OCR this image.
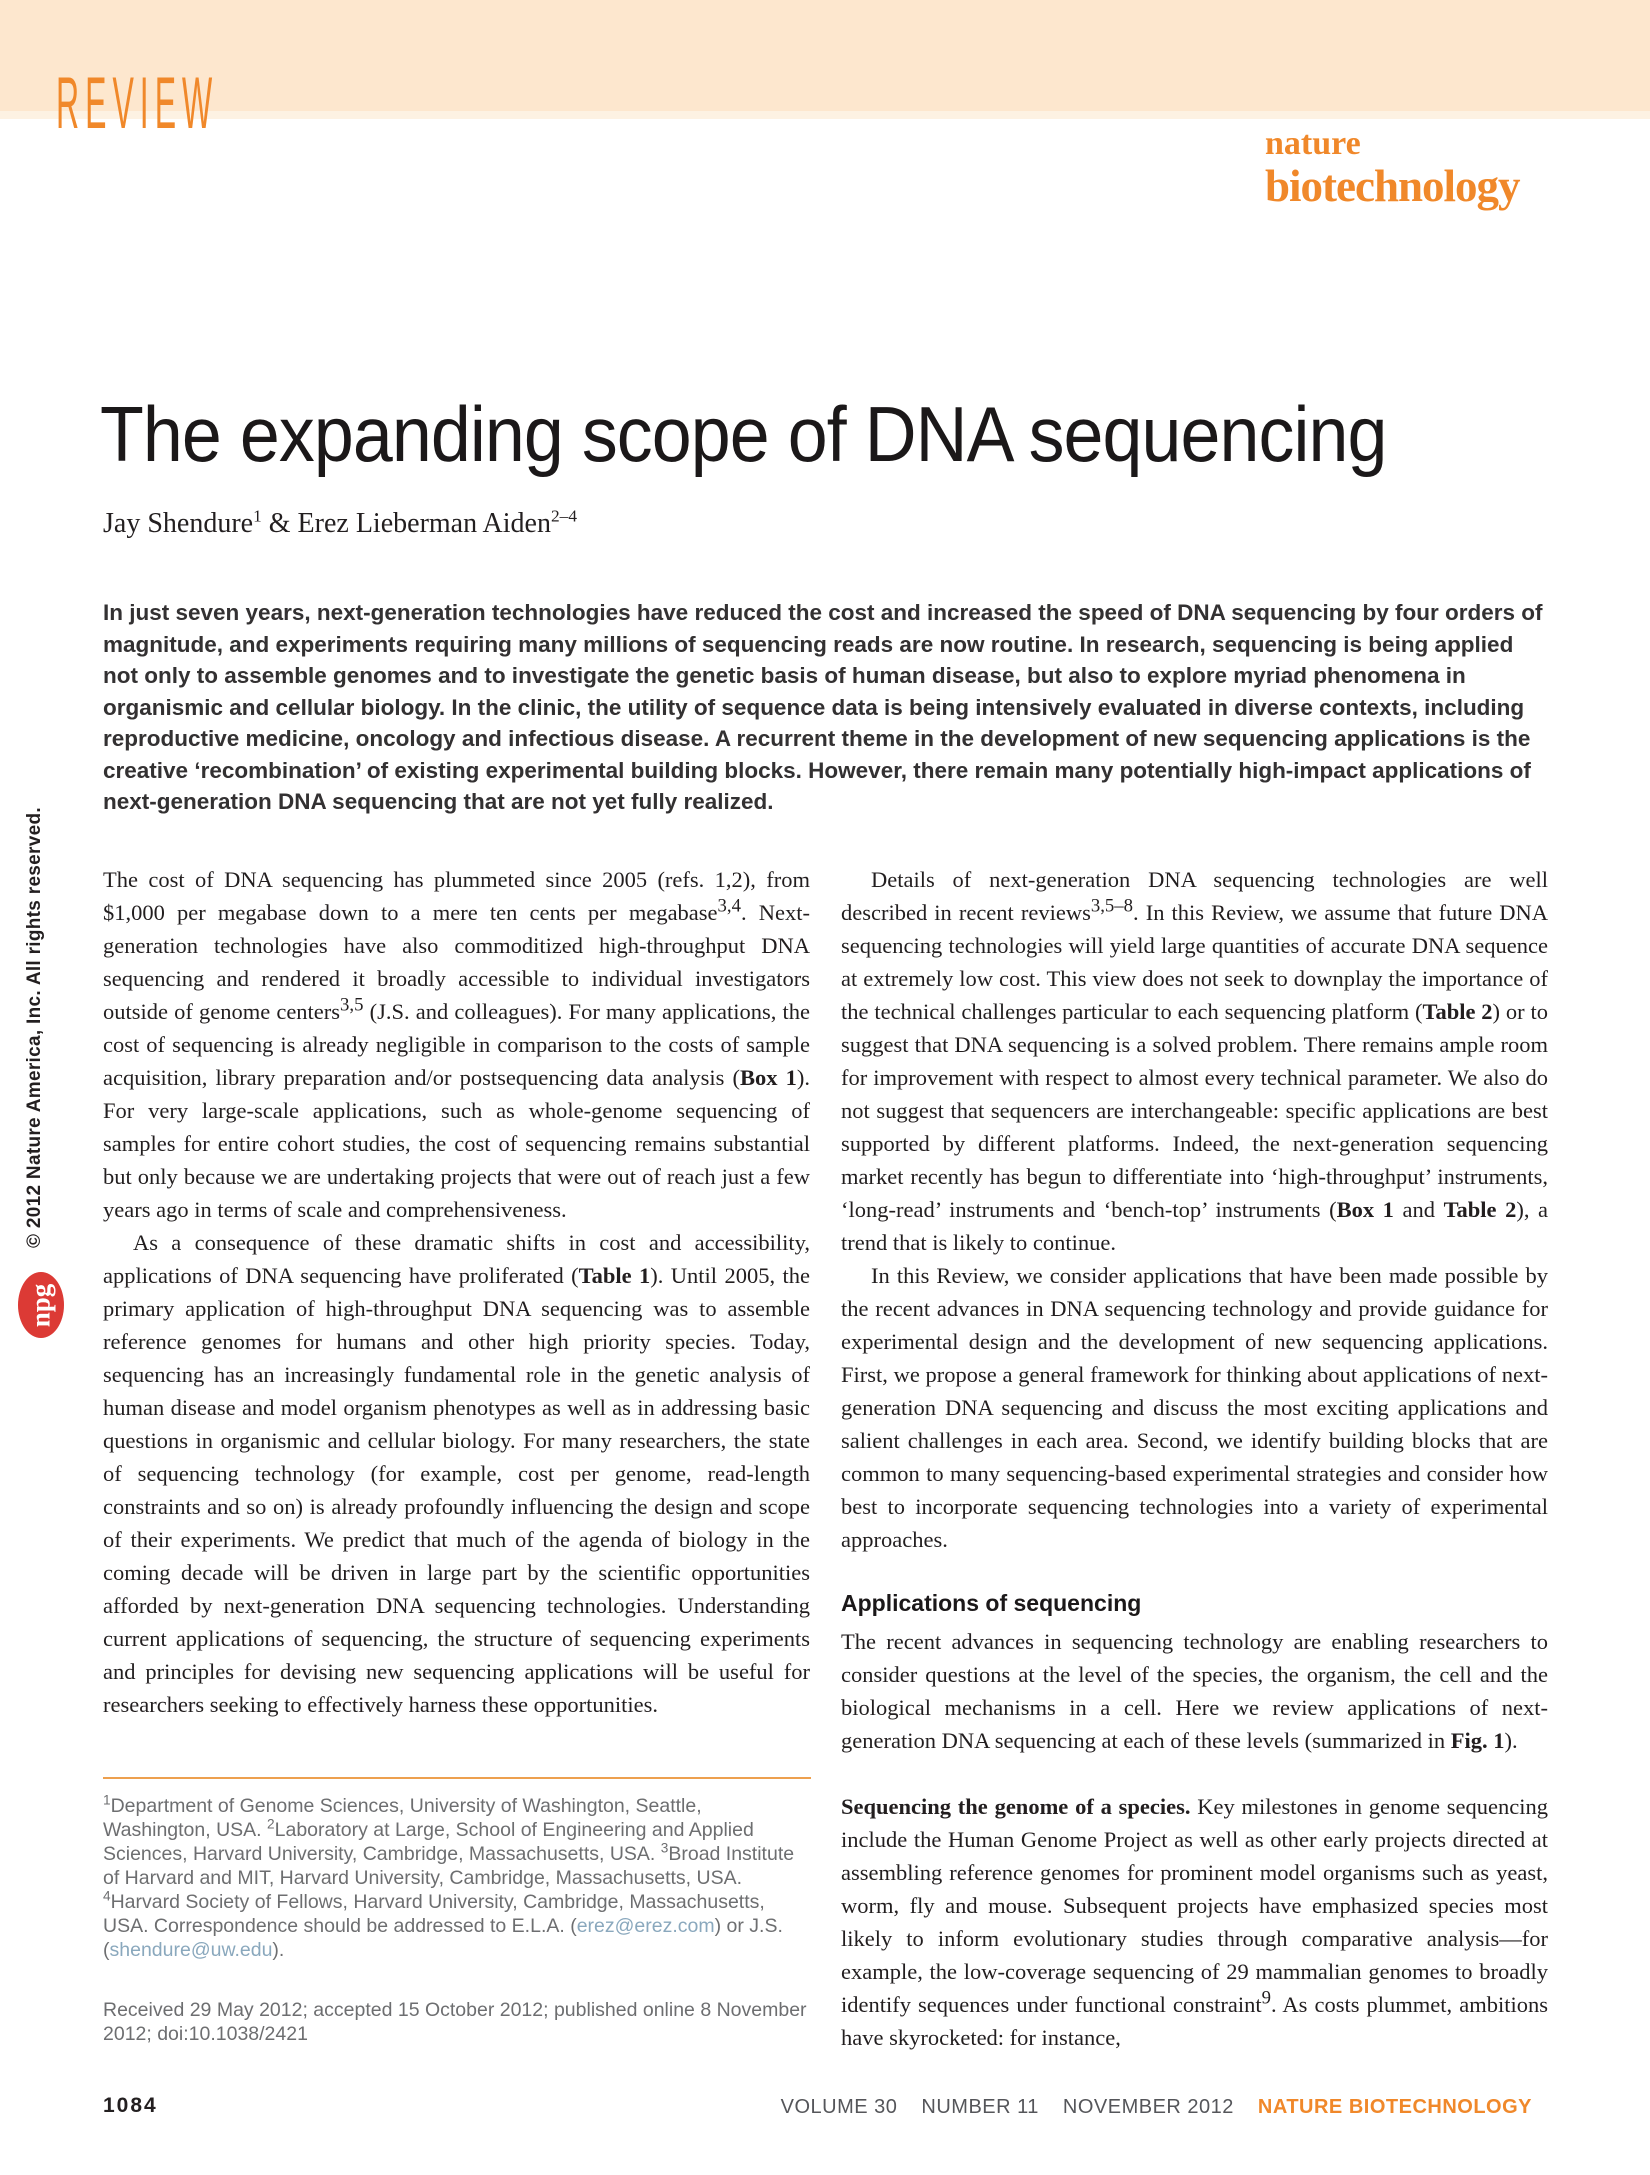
REVIEW	nature
biotechnology
The expanding scope of DNA sequencing
Jay Shendure$^1$ & Erez Lieberman Aiden$^{2-4}$
In just seven years, next-generation technologies have reduced the cost and increased the speed of DNA sequencing by four orders of magnitude, and experiments requiring many millions of sequencing reads are now routine. In research, sequencing is being applied not only to assemble genomes and to investigate the genetic basis of human disease, but also to explore myriad phenomena in organismic and cellular biology. In the clinic, the utility of sequence data is being intensively evaluated in diverse contexts, including reproductive medicine, oncology and infectious disease. A recurrent theme in the development of new sequencing applications is the creative ‘recombination’ of existing experimental building blocks. However, there remain many potentially high-impact applications of next-generation DNA sequencing that are not yet fully realized.

The cost of DNA sequencing has plummeted since 2005 (refs. 1,2), from $1,000 per megabase down to a mere ten cents per megabase$^{3,4}$. Next-generation technologies have also commoditized high-throughput DNA sequencing and rendered it broadly accessible to individual investigators outside of genome centers$^{3,5}$ (J.S. and colleagues). For many applications, the cost of sequencing is already negligible in comparison to the costs of sample acquisition, library preparation and/or postsequencing data analysis (Box 1). For very large-scale applications, such as whole-genome sequencing of samples for entire cohort studies, the cost of sequencing remains substantial but only because we are undertaking projects that were out of reach just a few years ago in terms of scale and comprehensiveness.

As a consequence of these dramatic shifts in cost and accessibility, applications of DNA sequencing have proliferated (Table 1). Until 2005, the primary application of high-throughput DNA sequencing was to assemble reference genomes for humans and other high priority species. Today, sequencing has an increasingly fundamental role in the genetic analysis of human disease and model organism phenotypes as well as in addressing basic questions in organismic and cellular biology. For many researchers, the state of sequencing technology (for example, cost per genome, read-length constraints and so on) is already profoundly influencing the design and scope of their experiments. We predict that much of the agenda of biology in the coming decade will be driven in large part by the scientific opportunities afforded by next-generation DNA sequencing technologies. Understanding current applications of sequencing, the structure of sequencing experiments and principles for devising new sequencing applications will be useful for researchers seeking to effectively harness these opportunities.

Details of next-generation DNA sequencing technologies are well described in recent reviews$^{3,5-8}$. In this Review, we assume that future DNA sequencing technologies will yield large quantities of accurate DNA sequence at extremely low cost. This view does not seek to downplay the importance of the technical challenges particular to each sequencing platform (Table 2) or to suggest that DNA sequencing is a solved problem. There remains ample room for improvement with respect to almost every technical parameter. We also do not suggest that sequencers are interchangeable: specific applications are best supported by different platforms. Indeed, the next-generation sequencing market recently has begun to differentiate into ‘high-throughput’ instruments, ‘long-read’ instruments and ‘bench-top’ instruments (Box 1 and Table 2), a trend that is likely to continue.

In this Review, we consider applications that have been made possible by the recent advances in DNA sequencing technology and provide guidance for experimental design and the development of new sequencing applications. First, we propose a general framework for thinking about applications of next-generation DNA sequencing and discuss the most exciting applications and salient challenges in each area. Second, we identify building blocks that are common to many sequencing-based experimental strategies and consider how best to incorporate sequencing technologies into a variety of experimental approaches.

Applications of sequencing

The recent advances in sequencing technology are enabling researchers to consider questions at the level of the species, the organism, the cell and the biological mechanisms in a cell. Here we review applications of next-generation DNA sequencing at each of these levels (summarized in Fig. 1).

Sequencing the genome of a species. Key milestones in genome sequencing include the Human Genome Project as well as other early projects directed at assembling reference genomes for prominent model organisms such as yeast, worm, fly and mouse. Subsequent projects have emphasized species most likely to inform evolutionary studies through comparative analysis—for example, the low-coverage sequencing of 29 mammalian genomes to broadly identify sequences under functional constraint$^9$. As costs plummet, ambitions have skyrocketed: for instance,

$^1$Department of Genome Sciences, University of Washington, Seattle, Washington, USA. $^2$Laboratory at Large, School of Engineering and Applied Sciences, Harvard University, Cambridge, Massachusetts, USA. $^3$Broad Institute of Harvard and MIT, Harvard University, Cambridge, Massachusetts, USA. $^4$Harvard Society of Fellows, Harvard University, Cambridge, Massachusetts, USA. Correspondence should be addressed to E.L.A. (erez@erez.com) or J.S. (shendure@uw.edu).

Received 29 May 2012; accepted 15 October 2012; published online 8 November 2012; doi:10.1038/2421

© 2012 Nature America, Inc. All rights reserved.
npg
1084	VOLUME 30 NUMBER 11 NOVEMBER 2012 NATURE BIOTECHNOLOGY
